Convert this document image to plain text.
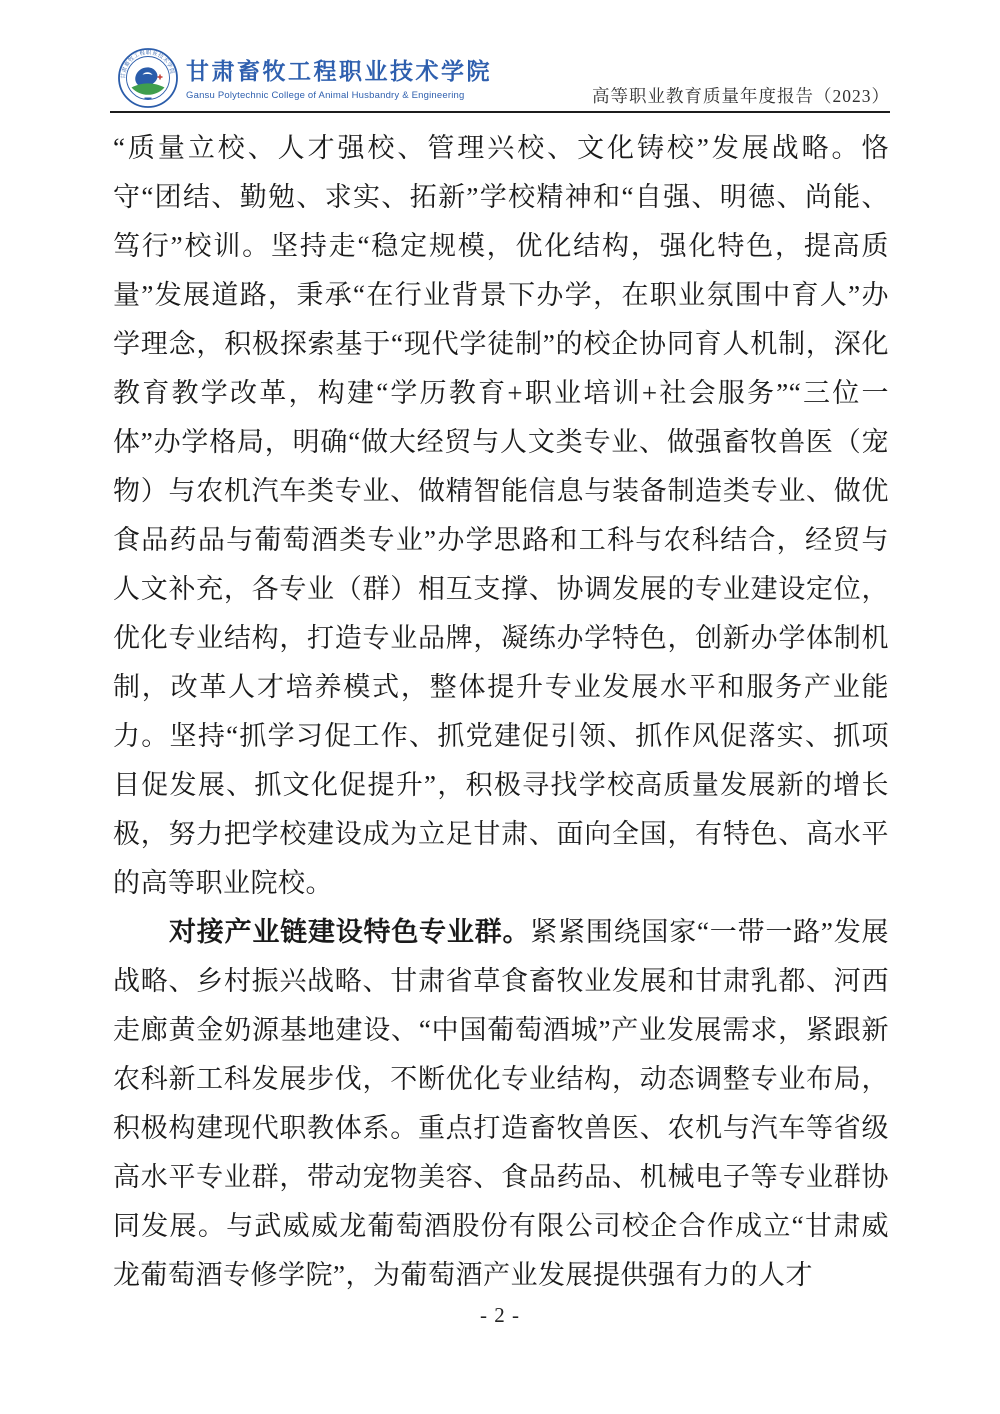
甘肃畜牧工程职业技术学院 甘肃畜牧工程职业技术学院
Gansu Polytechnic College of Animal Husbandry & Engineering	高等职业教育质量年度报告（2023）

“质量立校、人才强校、管理兴校、文化铸校”发展战略。恪守“团结、勤勉、求实、拓新”学校精神和“自强、明德、尚能、笃行”校训。坚持走“稳定规模，优化结构，强化特色，提高质量”发展道路，秉承“在行业背景下办学，在职业氛围中育人”办学理念，积极探索基于“现代学徒制”的校企协同育人机制，深化教育教学改革，构建“学历教育+职业培训+社会服务”“三位一体”办学格局，明确“做大经贸与人文类专业、做强畜牧兽医（宠物）与农机汽车类专业、做精智能信息与装备制造类专业、做优食品药品与葡萄酒类专业”办学思路和工科与农科结合，经贸与人文补充，各专业（群）相互支撑、协调发展的专业建设定位，优化专业结构，打造专业品牌，凝练办学特色，创新办学体制机制，改革人才培养模式，整体提升专业发展水平和服务产业能力。坚持“抓学习促工作、抓党建促引领、抓作风促落实、抓项目促发展、抓文化促提升”，积极寻找学校高质量发展新的增长极，努力把学校建设成为立足甘肃、面向全国，有特色、高水平的高等职业院校。

对接产业链建设特色专业群。紧紧围绕国家“一带一路”发展战略、乡村振兴战略、甘肃省草食畜牧业发展和甘肃乳都、河西走廊黄金奶源基地建设、“中国葡萄酒城”产业发展需求，紧跟新农科新工科发展步伐，不断优化专业结构，动态调整专业布局，积极构建现代职教体系。重点打造畜牧兽医、农机与汽车等省级高水平专业群，带动宠物美容、食品药品、机械电子等专业群协同发展。与武威威龙葡萄酒股份有限公司校企合作成立“甘肃威龙葡萄酒专修学院”，为葡萄酒产业发展提供强有力的人才

- 2 -
